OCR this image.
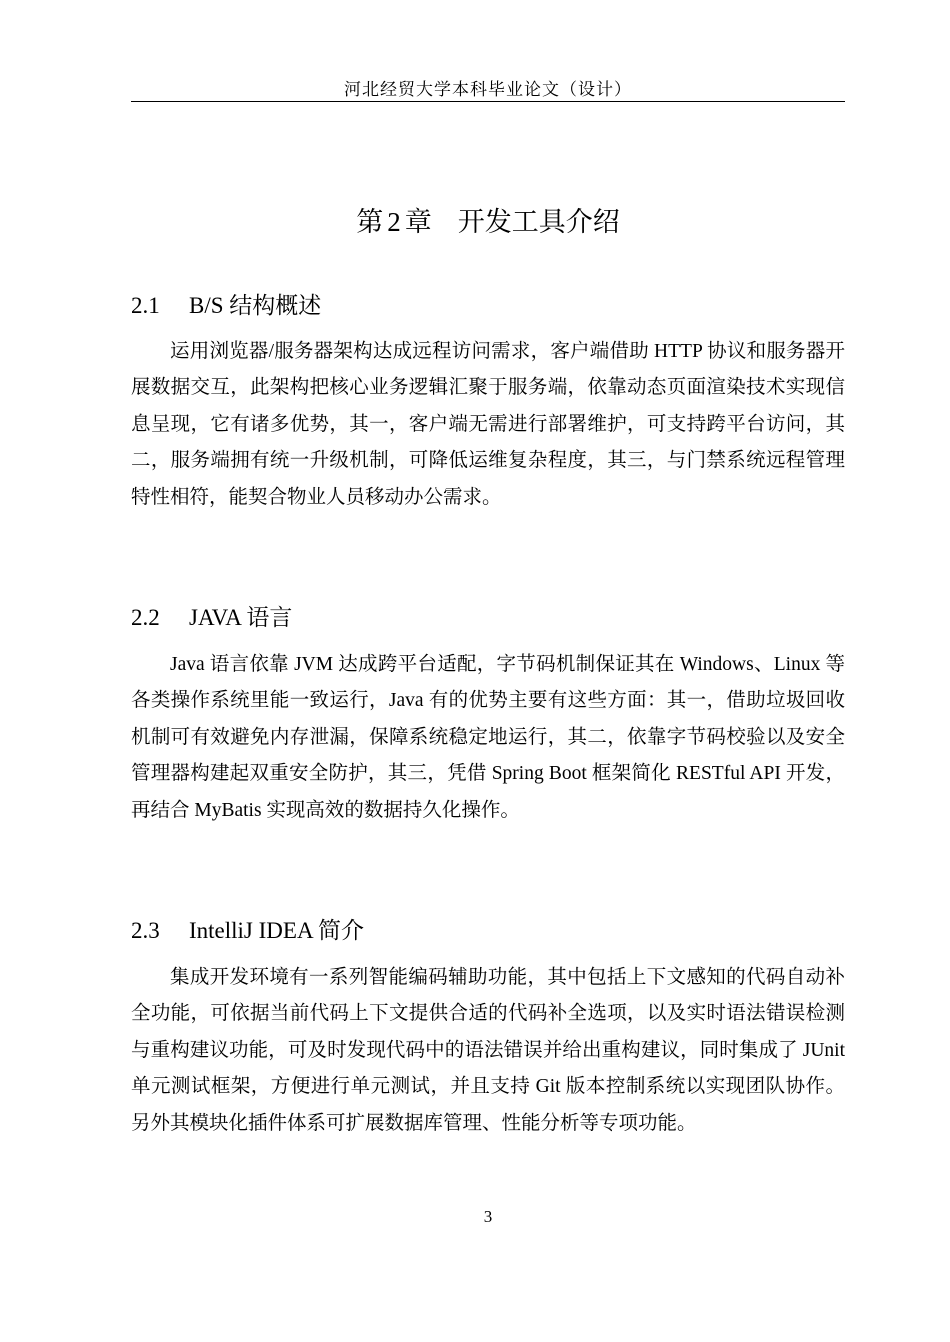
河北经贸大学本科毕业论文（设计）
第 2 章 开发工具介绍
2.1 B/S 结构概述

运用浏览器/服务器架构达成远程访问需求，客户端借助 HTTP 协议和服务器开展数据交互，此架构把核心业务逻辑汇聚于服务端，依靠动态页面渲染技术实现信息呈现，它有诸多优势，其一，客户端无需进行部署维护，可支持跨平台访问，其二，服务端拥有统一升级机制，可降低运维复杂程度，其三，与门禁系统远程管理特性相符，能契合物业人员移动办公需求。

2.2 JAVA 语言

Java 语言依靠 JVM 达成跨平台适配，字节码机制保证其在 Windows、Linux 等各类操作系统里能一致运行，Java 有的优势主要有这些方面：其一，借助垃圾回收机制可有效避免内存泄漏，保障系统稳定地运行，其二，依靠字节码校验以及安全管理器构建起双重安全防护，其三，凭借 Spring Boot 框架简化 RESTful API 开发，再结合 MyBatis 实现高效的数据持久化操作。

2.3 IntelliJ IDEA 简介

集成开发环境有一系列智能编码辅助功能，其中包括上下文感知的代码自动补全功能，可依据当前代码上下文提供合适的代码补全选项，以及实时语法错误检测与重构建议功能，可及时发现代码中的语法错误并给出重构建议，同时集成了 JUnit 单元测试框架，方便进行单元测试，并且支持 Git 版本控制系统以实现团队协作。另外其模块化插件体系可扩展数据库管理、性能分析等专项功能。

3
